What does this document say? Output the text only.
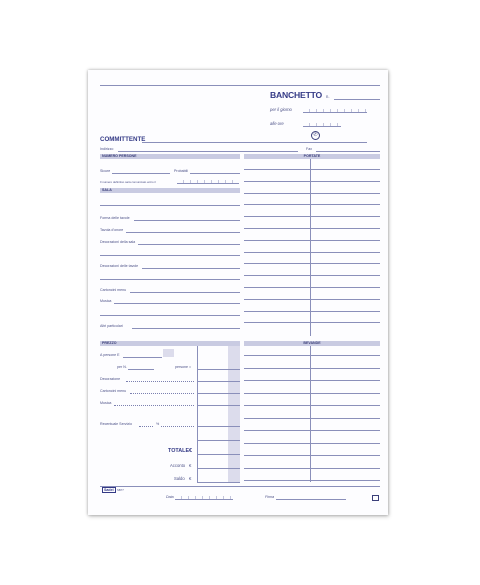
BANCHETTO n.
per il giorno
alle ore
COMMITTENTE
✆
Indirizzo	Fax
NUMERO PERSONE
Sicure	Probabili
Il numero definitivo sarà comunicato entro il
SALA
Forma delle tavole
Tavola d'onore
Decorazioni della sala
Decorazioni delle tavole
Cartoncini menu
Musica
Altri particolari
PORTATE
PREZZO
A persone E
per N.	persone =
Decorazione
Cartoncini menu
Musica
Recentuale Servizio	%
TOTALE €
Acconto €
Saldo €
BEVANDE
Sadel	SB77
Data	Firma
